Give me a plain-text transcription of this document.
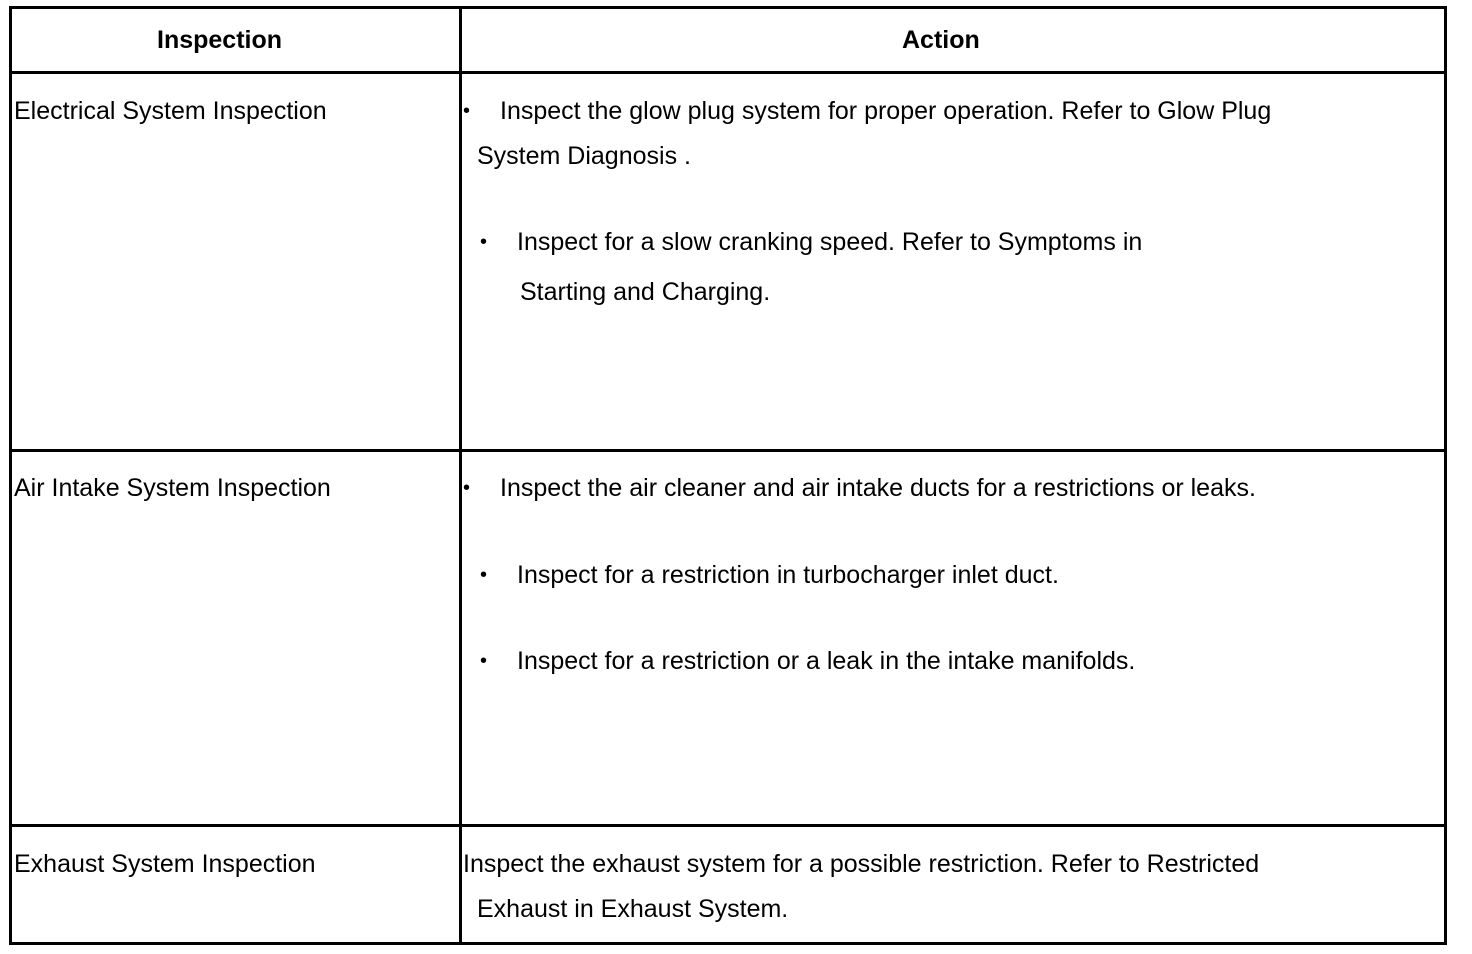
Inspection	Action
Electrical System Inspection	• Inspect the glow plug system for proper operation. Refer to Glow Plug
System Diagnosis .
• Inspect for a slow cranking speed. Refer to Symptoms in
Starting and Charging.
Air Intake System Inspection	• Inspect the air cleaner and air intake ducts for a restrictions or leaks.
• Inspect for a restriction in turbocharger inlet duct.
• Inspect for a restriction or a leak in the intake manifolds.
Exhaust System Inspection	Inspect the exhaust system for a possible restriction. Refer to Restricted
Exhaust in Exhaust System.
